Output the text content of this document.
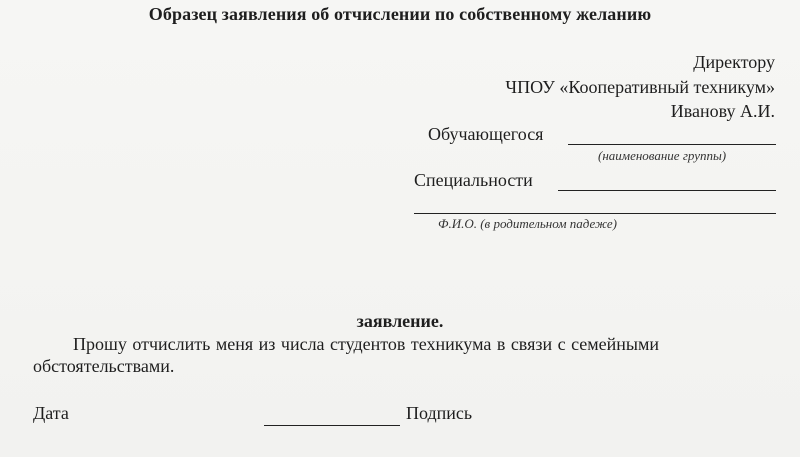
Образец заявления об отчислении по собственному желанию
Директору
ЧПОУ «Кооперативный техникум»
Иванову А.И.
Обучающегося
(наименование группы)
Специальности
Ф.И.О. (в родительном падеже)
заявление.
Прошу отчислить меня из числа студентов техникума в связи с семейными
обстоятельствами.
Дата	Подпись
